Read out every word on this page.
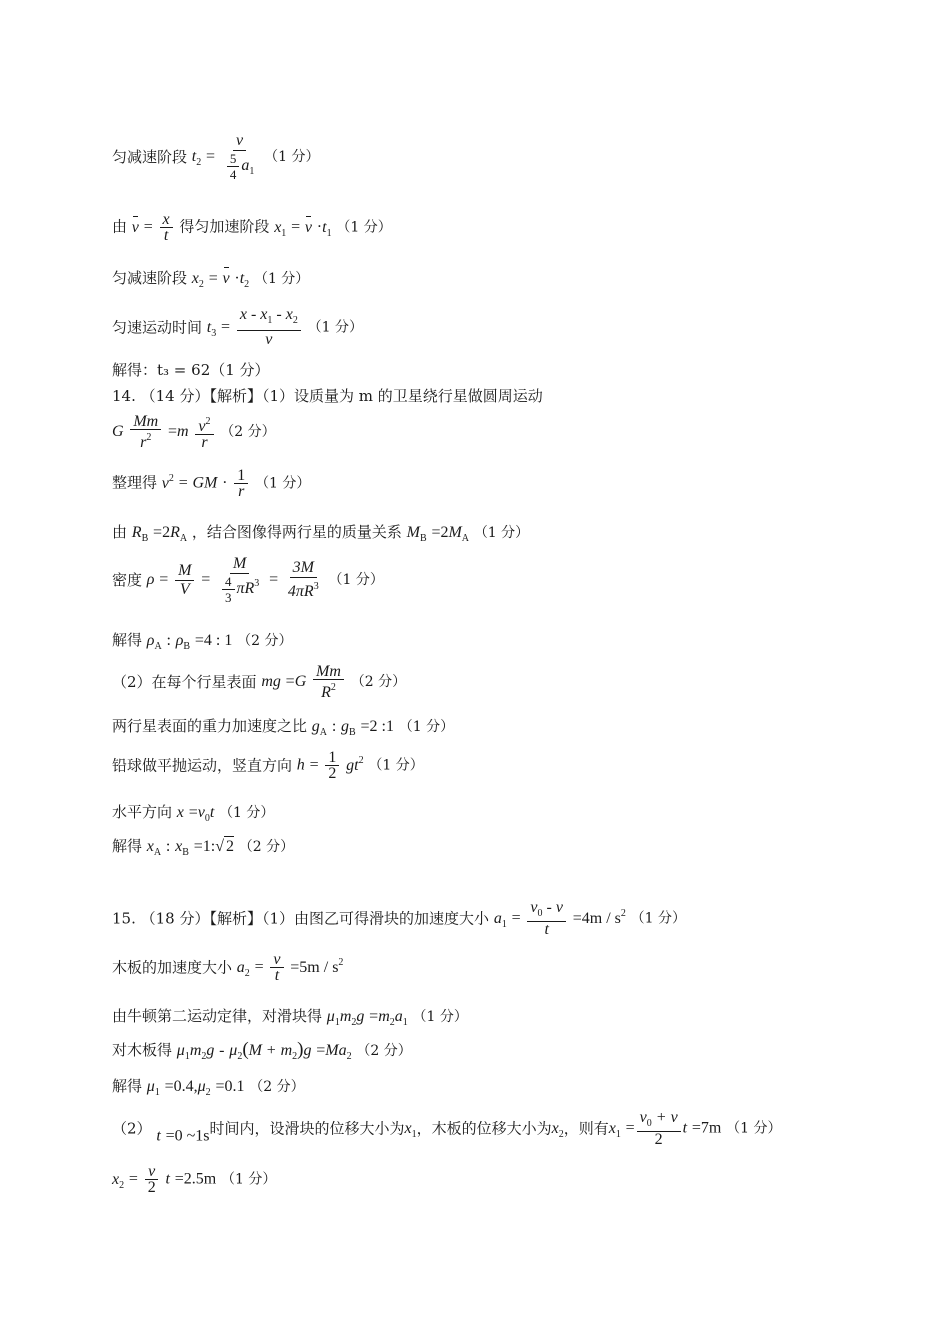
匀减速阶段 $t_2 = \frac{v}{\frac{5}{4} a_1} (1$ 分）
由 $v = \frac{x}{t}$ 得匀加速阶段 $x_1 = v \cdot t_1$ （1 分）
匀减速阶段 $x_2 = v \cdot t_2$ （1 分）
匀速运动时间 $t_3 = \frac{x - x_1 - x_2}{v} (1$ 分）
解得：t₃ = 62（1 分）
14. （14 分）【解析】（1）设质量为 m 的卫星绕行星做圆周运动
G $\frac{Mm}{r^2} =m \frac{v^2}{r} (2$ 分）
整理得 $v^2$ = GM · $\frac{1}{r} (1$ 分）
由 $R_B =2R_A$ ，结合图像得两行星的质量关系 $M_B =2M_A$ （1 分）
密度 $\rho = \frac{M}{V} = \frac{M}{\frac{4}{3} \pi R^3} = \frac{3M}{4\pi R^3} (1$ 分）
解得 $\rho_A$ : $\rho_B =4$ : 1 （2 分）
（2）在每个行星表面 mg $=G \frac{Mm}{R^2} (2$ 分）
两行星表面的重力加速度之比 $g_A$ : $g_B =2$ :1 （1 分）
铅球做平抛运动，竖直方向 $h = \frac{1}{2} gt^2$ （1 分）
水平方向 $x =v_0t$ （1 分）
解得 $x_A$ : $x_B$ =1:√ 2 （2 分）
15. （18 分）【解析】（1）由图乙可得滑块的加速度大小 $a_1 = \frac{v_0 - v}{t} =4m / s^2$ （1 分）
木板的加速度大小 $a_2 = \frac{v}{t} =5m / s^2$
由牛顿第二运动定律，对滑块得 $\mu_1m_2g =m_2a_1$ （1 分）
对木板得 $\mu_1m_2g - \mu_2(M + m_2)g =Ma_2$ （2 分）
解得 $\mu_1 =0.4,\mu_2 =0.1$ （2 分）
（2） t =0 ~1s时间内，设滑块的位移大小为$x_1$，木板的位移大小为$x_2$，则有$x_1 = \frac{v_0 + v}{2}$ t =7m （1 分）
$x_2 = \frac{v}{2}$ t =2.5m （1 分）
